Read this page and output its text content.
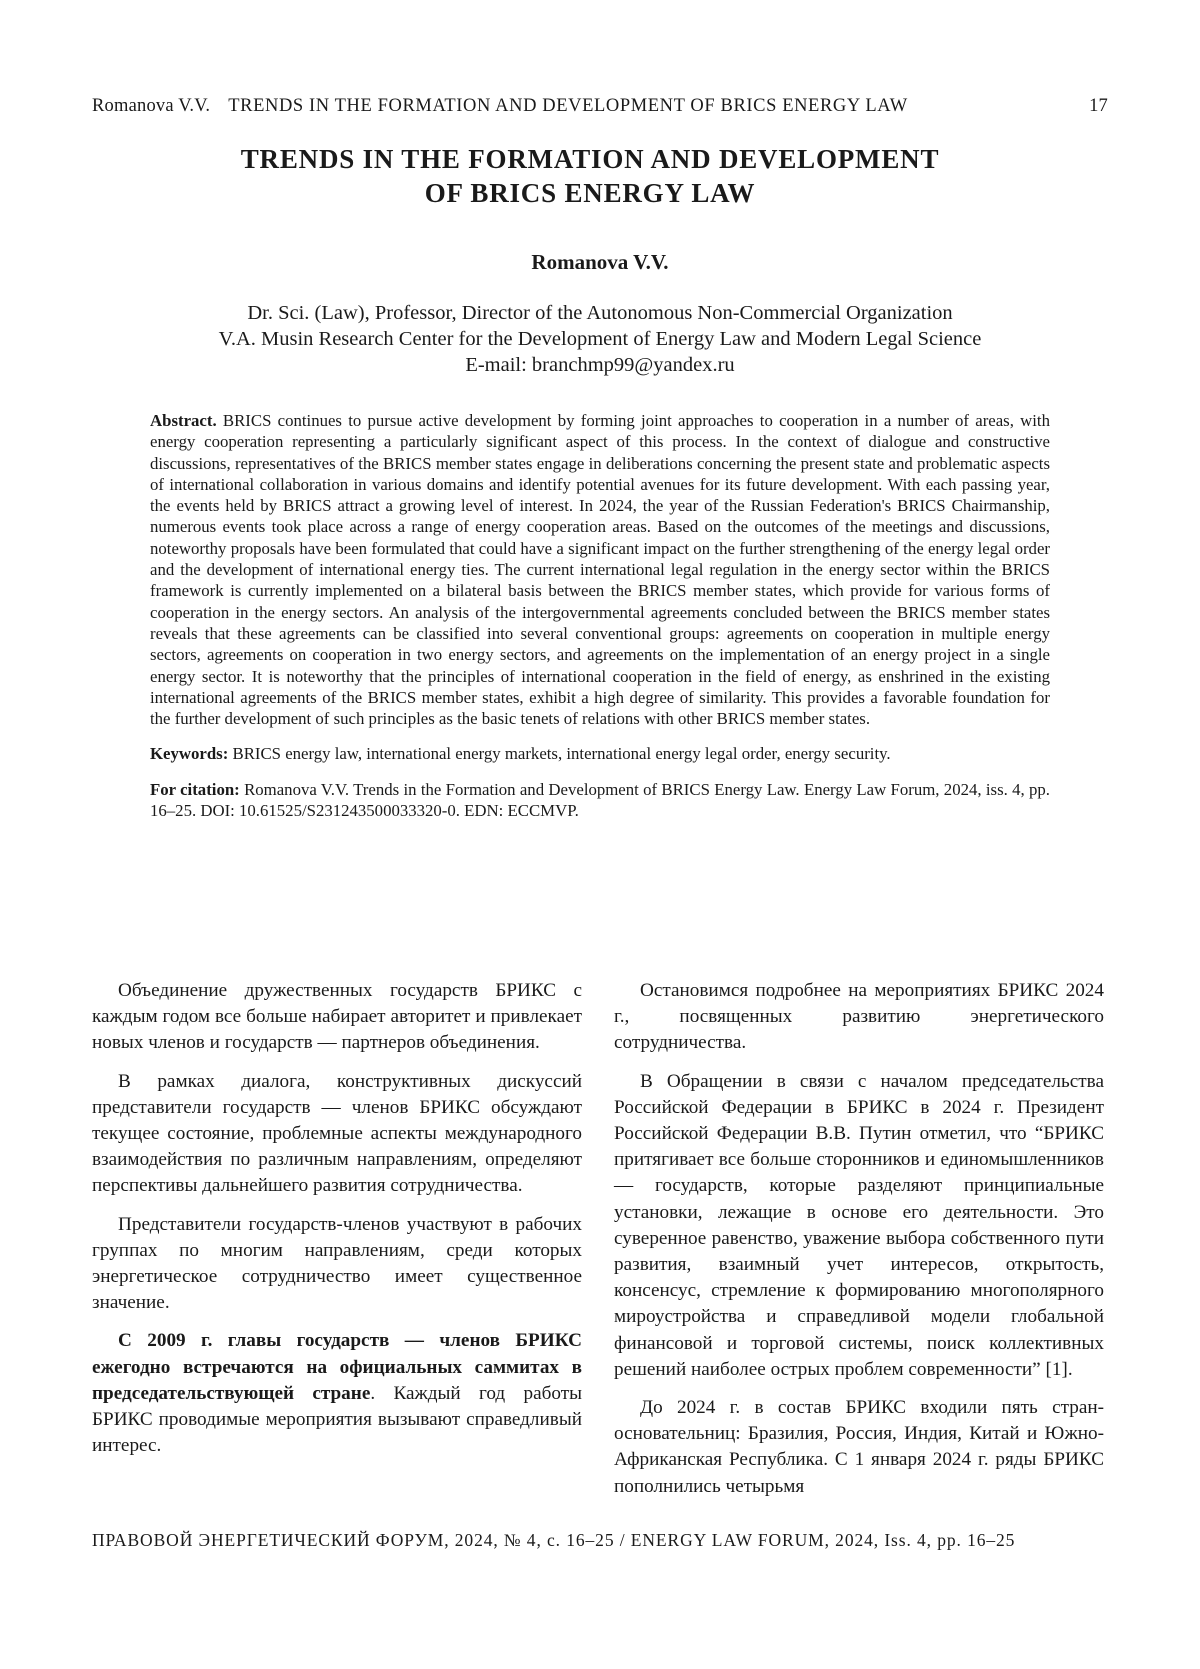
Romanova V.V. TRENDS IN THE FORMATION AND DEVELOPMENT OF BRICS ENERGY LAW	17
TRENDS IN THE FORMATION AND DEVELOPMENT
OF BRICS ENERGY LAW
Romanova V.V.
Dr. Sci. (Law), Professor, Director of the Autonomous Non-Commercial Organization
V.A. Musin Research Center for the Development of Energy Law and Modern Legal Science
E-mail: branchmp99@yandex.ru

Abstract. BRICS continues to pursue active development by forming joint approaches to cooperation in a number of areas, with energy cooperation representing a particularly significant aspect of this process. In the context of dialogue and constructive discussions, representatives of the BRICS member states engage in deliberations concerning the present state and problematic aspects of international collaboration in various domains and identify potential avenues for its future development. With each passing year, the events held by BRICS attract a growing level of interest. In 2024, the year of the Russian Federation's BRICS Chairmanship, numerous events took place across a range of energy cooperation areas. Based on the outcomes of the meetings and discussions, noteworthy proposals have been formulated that could have a significant impact on the further strengthening of the energy legal order and the development of international energy ties. The current international legal regulation in the energy sector within the BRICS framework is currently implemented on a bilateral basis between the BRICS member states, which provide for various forms of cooperation in the energy sectors. An analysis of the intergovernmental agreements concluded between the BRICS member states reveals that these agreements can be classified into several conventional groups: agreements on cooperation in multiple energy sectors, agreements on cooperation in two energy sectors, and agreements on the implementation of an energy project in a single energy sector. It is noteworthy that the principles of international cooperation in the field of energy, as enshrined in the existing international agreements of the BRICS member states, exhibit a high degree of similarity. This provides a favorable foundation for the further development of such principles as the basic tenets of relations with other BRICS member states.

Keywords: BRICS energy law, international energy markets, international energy legal order, energy security.

For citation: Romanova V.V. Trends in the Formation and Development of BRICS Energy Law. Energy Law Forum, 2024, iss. 4, pp. 16–25. DOI: 10.61525/S231243500033320-0. EDN: ECCMVP.

Объединение дружественных государств БРИКС с каждым годом все больше набирает авторитет и привлекает новых членов и государств — партнеров объединения.

В рамках диалога, конструктивных дискуссий представители государств — членов БРИКС обсуждают текущее состояние, проблемные аспекты международного взаимодействия по различным направлениям, определяют перспективы дальнейшего развития сотрудничества.

Представители государств-членов участвуют в рабочих группах по многим направлениям, среди которых энергетическое сотрудничество имеет существенное значение.

С 2009 г. главы государств — членов БРИКС ежегодно встречаются на официальных саммитах в председательствующей стране. Каждый год работы БРИКС проводимые мероприятия вызывают справедливый интерес.

Остановимся подробнее на мероприятиях БРИКС 2024 г., посвященных развитию энергетического сотрудничества.

В Обращении в связи с началом председательства Российской Федерации в БРИКС в 2024 г. Президент Российской Федерации В.В. Путин отметил, что “БРИКС притягивает все больше сторонников и единомышленников — государств, которые разделяют принципиальные установки, лежащие в основе его деятельности. Это суверенное равенство, уважение выбора собственного пути развития, взаимный учет интересов, открытость, консенсус, стремление к формированию многополярного мироустройства и справедливой модели глобальной финансовой и торговой системы, поиск коллективных решений наиболее острых проблем современности” [1].

До 2024 г. в состав БРИКС входили пять стран-основательниц: Бразилия, Россия, Индия, Китай и Южно-Африканская Республика. С 1 января 2024 г. ряды БРИКС пополнились четырьмя

ПРАВОВОЙ ЭНЕРГЕТИЧЕСКИЙ ФОРУМ, 2024, № 4, с. 16–25 / ENERGY LAW FORUM, 2024, Iss. 4, pp. 16–25
